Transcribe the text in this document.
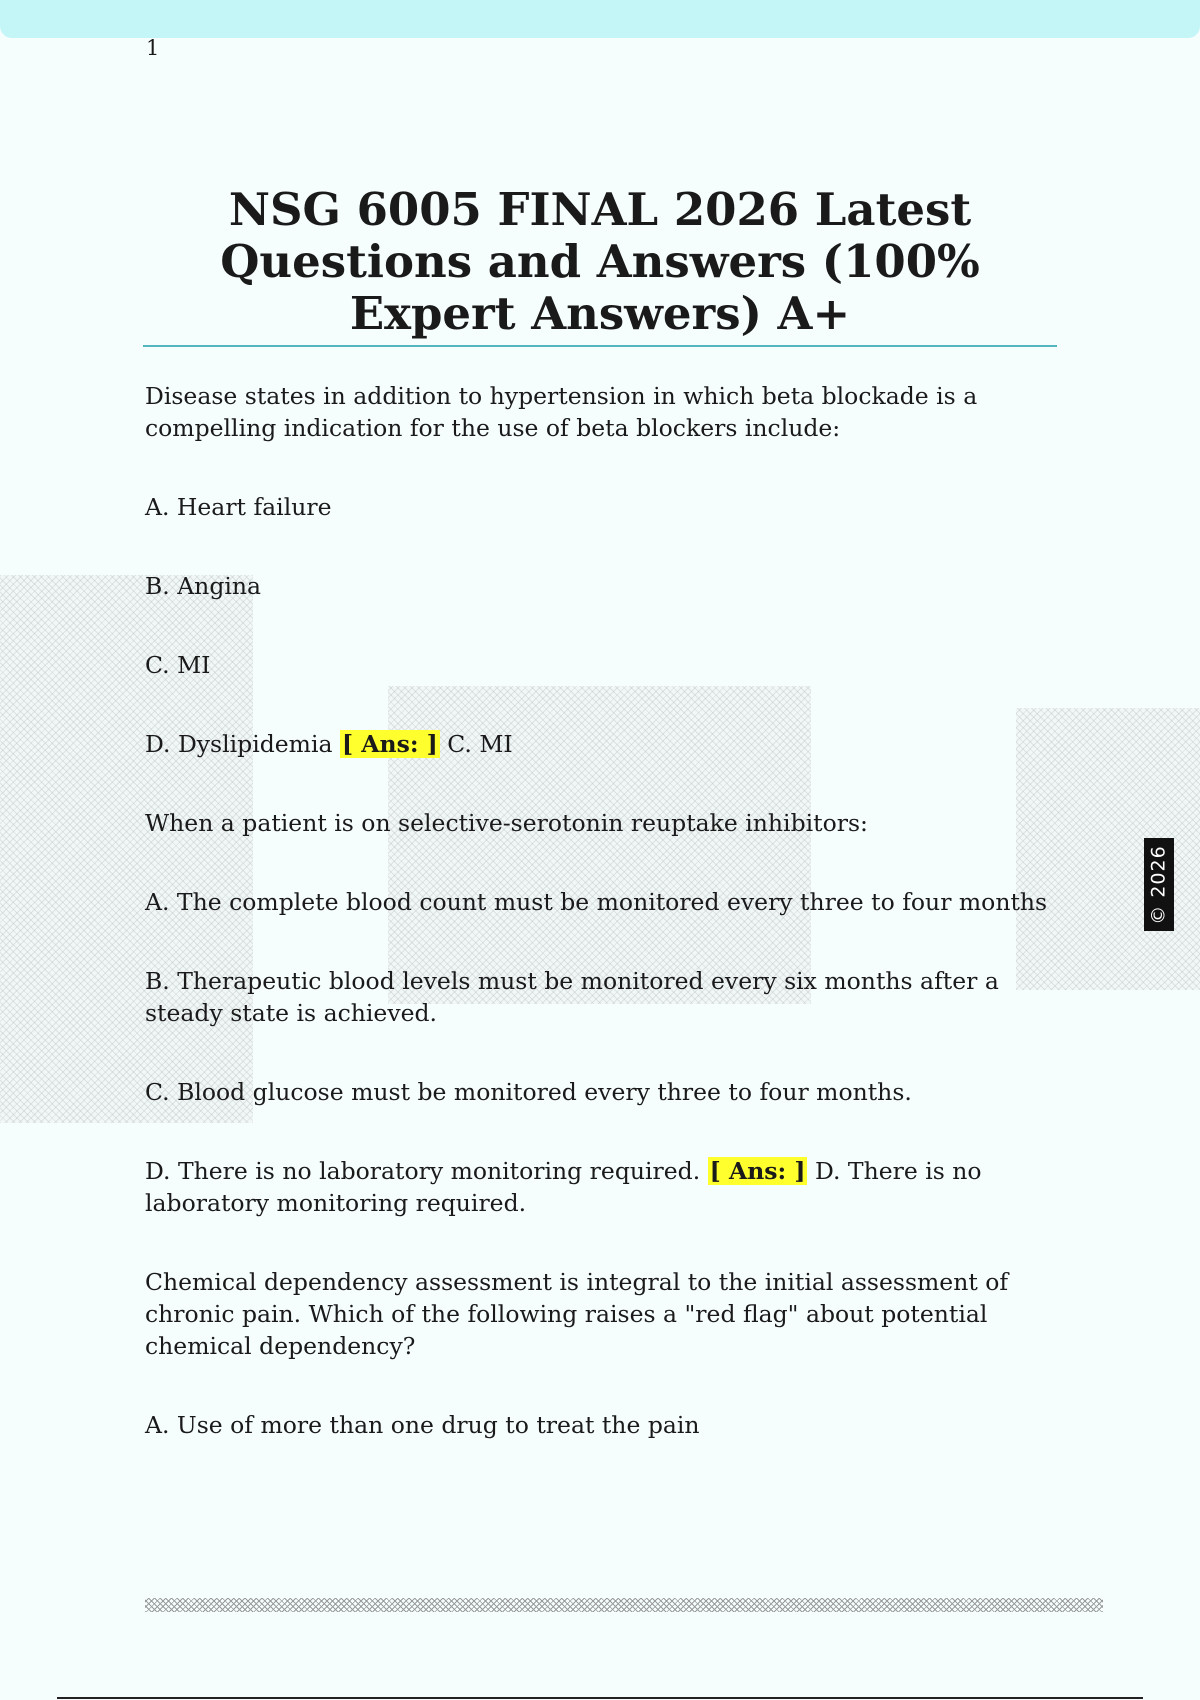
1
© 2026
NSG 6005 FINAL 2026 Latest Questions and Answers (100% Expert Answers) A+

Disease states in addition to hypertension in which beta blockade is a compelling indication for the use of beta blockers include:

A. Heart failure

B. Angina

C. MI

D. Dyslipidemia [ Ans: ] C. MI

When a patient is on selective-serotonin reuptake inhibitors:

A. The complete blood count must be monitored every three to four months

B. Therapeutic blood levels must be monitored every six months after a steady state is achieved.

C. Blood glucose must be monitored every three to four months.

D. There is no laboratory monitoring required. [ Ans: ] D. There is no laboratory monitoring required.

Chemical dependency assessment is integral to the initial assessment of chronic pain. Which of the following raises a "red flag" about potential chemical dependency?

A. Use of more than one drug to treat the pain
